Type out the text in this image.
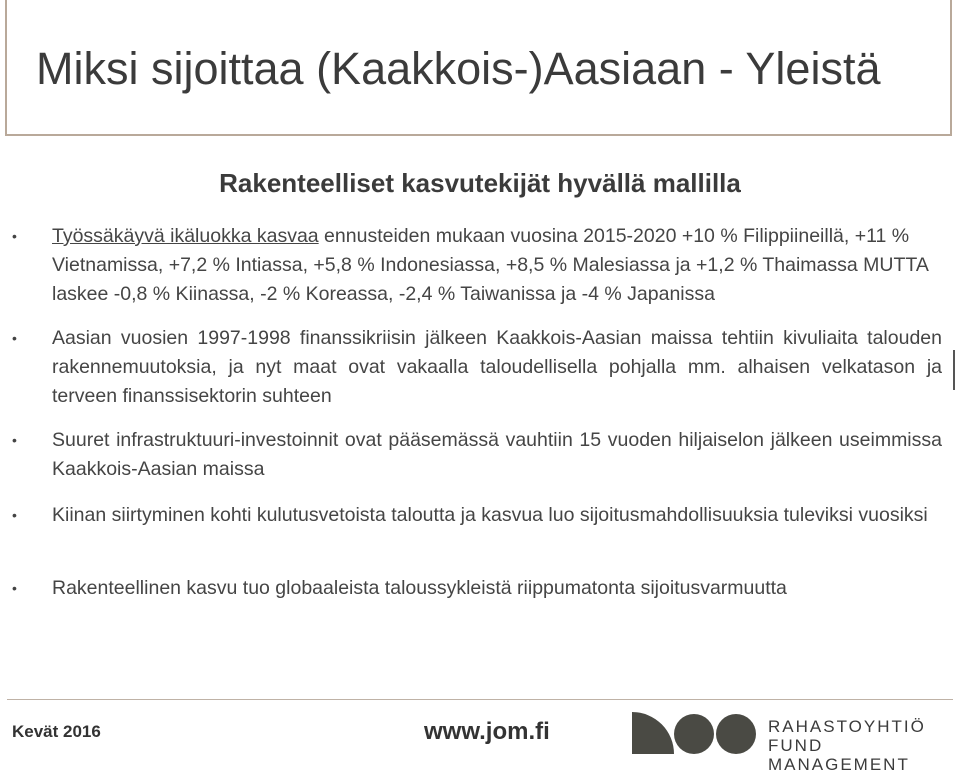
Miksi sijoittaa (Kaakkois-)Aasiaan - Yleistä
Rakenteelliset kasvutekijät hyvällä mallilla
• Työssäkäyvä ikäluokka kasvaa ennusteiden mukaan vuosina 2015-2020 +10 % Filippiineillä, +11 % Vietnamissa, +7,2 % Intiassa, +5,8 % Indonesiassa, +8,5 % Malesiassa ja +1,2 % Thaimassa MUTTA laskee -0,8 % Kiinassa, -2 % Koreassa, -2,4 % Taiwanissa ja -4 % Japanissa
• Aasian vuosien 1997-1998 finanssikriisin jälkeen Kaakkois-Aasian maissa tehtiin kivuliaita talouden rakennemuutoksia, ja nyt maat ovat vakaalla taloudellisella pohjalla mm. alhaisen velkatason ja terveen finanssisektorin suhteen
• Suuret infrastruktuuri-investoinnit ovat pääsemässä vauhtiin 15 vuoden hiljaiselon jälkeen useimmissa Kaakkois-Aasian maissa
• Kiinan siirtyminen kohti kulutusvetoista taloutta ja kasvua luo sijoitusmahdollisuuksia tuleviksi vuosiksi
• Rakenteellinen kasvu tuo globaaleista taloussykleistä riippumatonta sijoitusvarmuutta
Kevät 2016	www.jom.fi	RAHASTOYHTIÖ
FUND MANAGEMENT
